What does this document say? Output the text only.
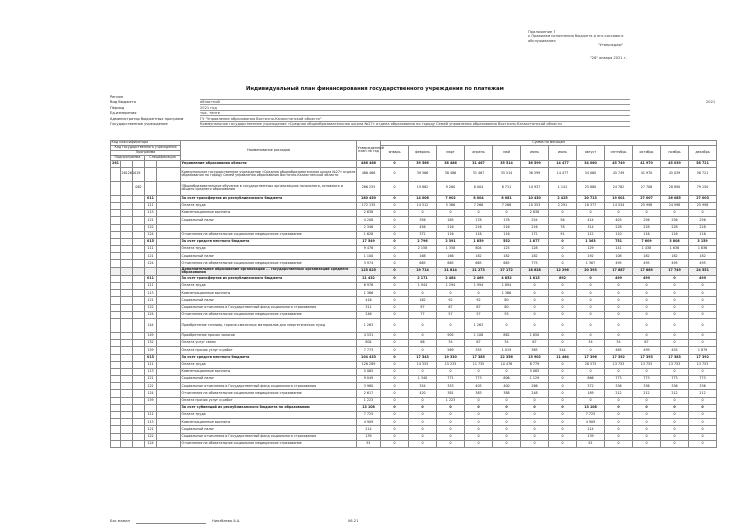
Приложение 7
к Правилам исполнения бюджета и его кассового
обслуживания
"Утверждаю"
"26" января 2021 г.
Индивидуальный план финансирования государственного учреждения по платежам
Регион
Вид бюджета	областной	2021
Период	2021 год
Ед.измерения	тыс. тенге
Администратор бюджетных программ	ГУ "Управление образования Восточно-Казахстанской области"
Государственное учреждение	Коммунальное государственное учреждение «Средняя общеобразовательная школа №27» отдела образования по городу Семей управления образования Восточно-Казахстанской области
Код классификатора					Наименование расходов	Утвержденный план на год	Сумма по месяцам											
Код государственного учреждения							январь	февраль	март	апрель	май	июнь	июль	август	сентябрь	октябрь	ноябрь	декабрь
Программа																		
Подпрограмма			Спецификация															
261					Управление образования области	486 466	0	39 566	38 486	31 467	35 514	36 599	14 477	34 060	45 749	41 970	45 039	58 721
	261261019				Коммунальное государственное учреждение «Средняя общеобразовательная школа №27» отдела образования по городу Семей управления образования Восточно-Казахстанской области	486 466	0	39 566	38 486	31 467	35 514	36 599	14 477	34 060	45 749	41 970	45 039	58 721
		062			Общеобразовательное обучение в государственных организациях начального, основного и общего среднего образования	286 255	0	19 862	9 260	8 004	8 711	10 937	1 141	25 880	24 782	27 706	28 890	79 150
			011		За счет трансфертов из республиканского бюджета	180 450	0	14 006	7 002	8 004	8 081	10 430	2 425	20 713	19 001	27 007	26 085	27 003
			111		Оплата труда	172 135	0	14 512	5 366	7 266	7 266	10 353	2 291	18 377	14 534	25 998	24 998	25 998
			113		Компенсационные выплаты	2 638	0	0	0	0	0	2 638	0	0	0	0	0	0
			121		Социальный налог	4 208	0	356	165	178	178	254	56	414	403	256	256	256
			122			2 346	0	456	216	216	216	216	78	314	228	228	228	228
			124		Отчисления на обязательное социальное медицинское страхование	1 628	0	372	116	116	116	172	91	112	110	116	116	116
			015		За счет средств местного бюджета	17 549	0	2 796	2 391	1 859	552	1 877	0	1 363	751	7 609	3 808	3 159
			111		Оплата труда	9 476	0	2 158	1 358	804	125	128	0	129	141	1 438	1 636	1 636
			121		Социальный налог	1 100	0	168	166	182	182	182	0	192	108	182	182	182
			124		Отчисления на обязательное социальное медицинское страхование	3 974	0	665	665	665	665	775	0	1 367	495	495	495	495
					Дополнительное образование организации ... государственных организаций среднего образования	125 825	0	19 714	21 814	21 273	27 172	16 628	12 296	20 393	17 887	17 889	17 749	24 551
			011		За счет трансфертов из республиканского бюджета	21 432	0	2 171	2 484	2 469	4 852	1 815	892	0	499	499	0	499
			111		Оплата труда	6 976	0	1 944	1 294	1 994	1 894	0	0	0	0	0	0	0
			113		Компенсационные выплаты	1 366	0	0	0	0	1 366	0	0	0	0	0	0	0
			121		Социальный налог	416	0	162	92	92	80	0	0	0	0	0	0	0
			122		Социальные отчисления в Государственный фонд социального страхования	311	0	97	67	67	80	0	0	0	0	0	0	0
			124		Отчисления на обязательное социальное медицинское страхование	246	0	77	57	57	55	0	0	0	0	0	0	0
			144		Приобретение топлива, горюче-смазочных материалов для энергетических нужд	1 263	0	0	0	1 263	0	0	0	0	0	0	0	0
			149		Приобретение прочих запасов	4 531	0	0	905	1 108	862	1 650	0	0	0	0	0	0
			152		Оплата услуг связи	804	0	66	34	67	34	67	0	34	34	67	0	0
			159		Оплата прочих услуг и работ	7 773	0	0	569	355	1 019	365	544	0	465	499	455	1 879
			015		За счет средств местного бюджета	104 433	0	17 543	19 330	17 385	22 356	15 902	11 464	17 396	17 392	17 393	17 383	17 392
			111		Оплата труда	126 289	0	14 353	15 233	11 735	10 476	6 779	0	28 573	13 753	13 753	13 753	13 753
			113		Компенсационные выплаты	5 065	0	0	0	0	0	5 065	0	0	0	0	0	0
			121		Социальный налог	9 049	0	1 340	771	773	806	1 129	0	866	773	773	773	773
			122		Социальные отчисления в Государственный фонд социального страхования	3 960	0	354	353	405	400	266	0	372	336	336	336	336
			124		Отчисления на обязательное социальное медицинское страхование	2 617	0	420	381	383	388	248	0	189	212	212	212	212
			159		Оплата прочих услуг и работ	1 223	0	0	1 223	0	0	0	0	0	0	0	0	0
					За счет субвенций из республиканского бюджета по образованию	13 108	0	0	0	0	0	0	0	13 108	0	0	0	0
			111		Оплата труда	7 725	0	0	0	0	0	0	0	7 725	0	0	0	0
			113		Компенсационные выплаты	4 909	0	0	0	0	0	0	0	4 909	0	0	0	0
			121		Социальный налог	214	0	0	0	0	0	0	0	214	0	0	0	0
			122		Социальные отчисления в Государственный фонд социального страхования	139	0	0	0	0	0	0	0	139	0	0	0	0
			124		Отчисления на обязательное социальное медицинское страхование	91	0	0	0	0	0	0	0	91	0	0	0	0
Бас маман	Ниязбаева А.А.	06.21
